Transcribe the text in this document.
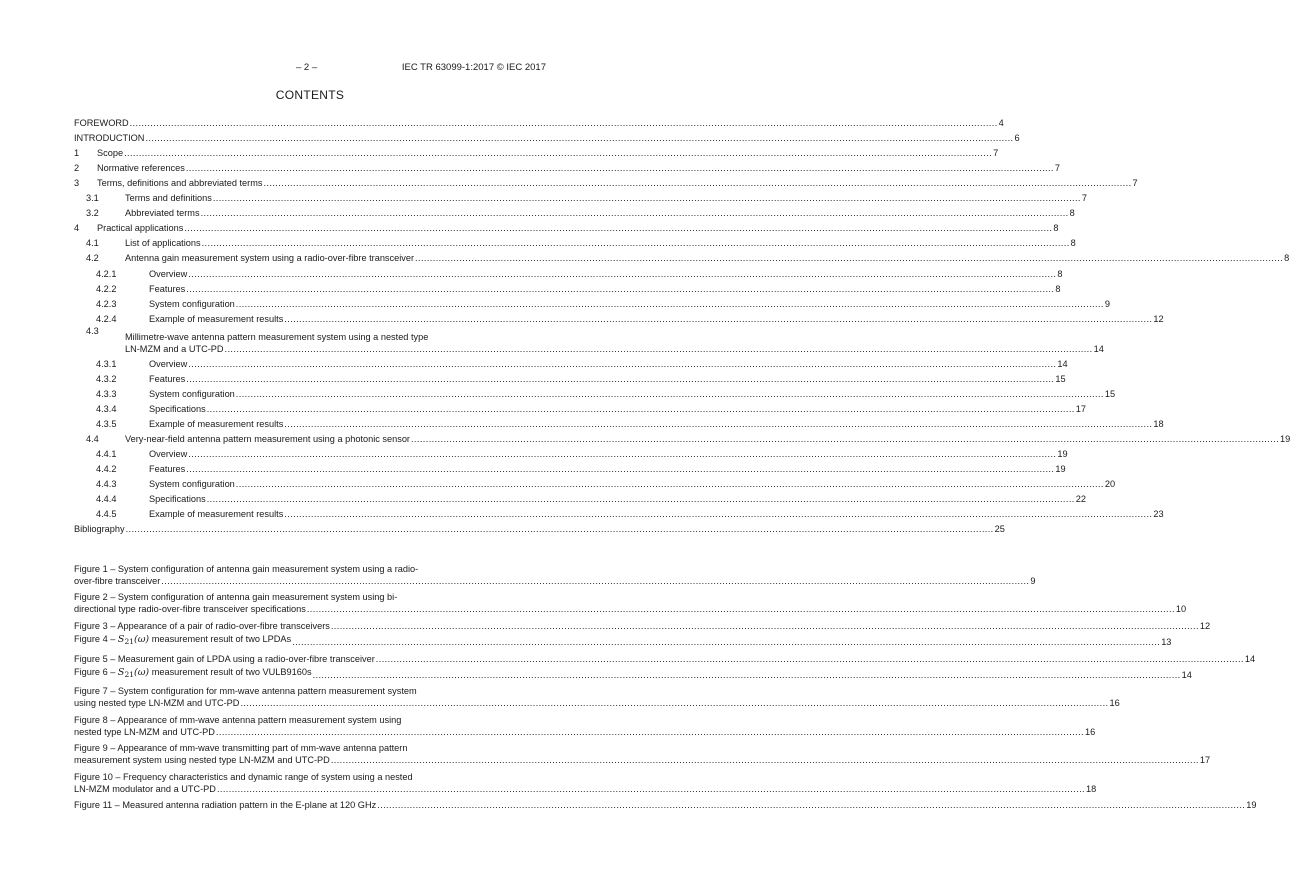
– 2 –	IEC TR 63099-1:2017 © IEC 2017
CONTENTS
FOREWORD .....	4
INTRODUCTION .....	6
1	Scope .....	7
2	Normative references .....	7
3	Terms, definitions and abbreviated terms .....	7
3.1	Terms and definitions .....	7
3.2	Abbreviated terms .....	8
4	Practical applications .....	8
4.1	List of applications .....	8
4.2	Antenna gain measurement system using a radio-over-fibre transceiver .....	8
4.2.1	Overview .....	8
4.2.2	Features .....	8
4.2.3	System configuration .....	9
4.2.4	Example of measurement results .....	12
4.3
Millimetre-wave antenna pattern measurement system using a nested type
LN-MZM and a UTC-PD .....	14
4.3.1	Overview .....	14
4.3.2	Features .....	15
4.3.3	System configuration .....	15
4.3.4	Specifications .....	17
4.3.5	Example of measurement results .....	18
4.4	Very-near-field antenna pattern measurement using a photonic sensor .....	19
4.4.1	Overview .....	19
4.4.2	Features .....	19
4.4.3	System configuration .....	20
4.4.4	Specifications .....	22
4.4.5	Example of measurement results .....	23
Bibliography .....	25
Figure 1 – System configuration of antenna gain measurement system using a radio-
over-fibre transceiver .....	9
Figure 2 – System configuration of antenna gain measurement system using bi-
directional type radio-over-fibre transceiver specifications .....	10
Figure 3 – Appearance of a pair of radio-over-fibre transceivers .....	12
Figure $4 - S_{21}(\omega)$ measurement result of two LPDAs .....	13
Figure 5 – Measurement gain of LPDA using a radio-over-fibre transceiver .....	14
Figure $6 - S_{21}(\omega)$ measurement result of two VULB9160s .....	14
Figure 7 – System configuration for mm-wave antenna pattern measurement system
using nested type LN-MZM and UTC-PD .....	16
Figure 8 – Appearance of mm-wave antenna pattern measurement system using
nested type LN-MZM and UTC-PD .....	16
Figure 9 – Appearance of mm-wave transmitting part of mm-wave antenna pattern
measurement system using nested type LN-MZM and UTC-PD .....	17
Figure 10 – Frequency characteristics and dynamic range of system using a nested
LN-MZM modulator and a UTC-PD .....	18
Figure 11 – Measured antenna radiation pattern in the E-plane at 120 GHz .....	19
